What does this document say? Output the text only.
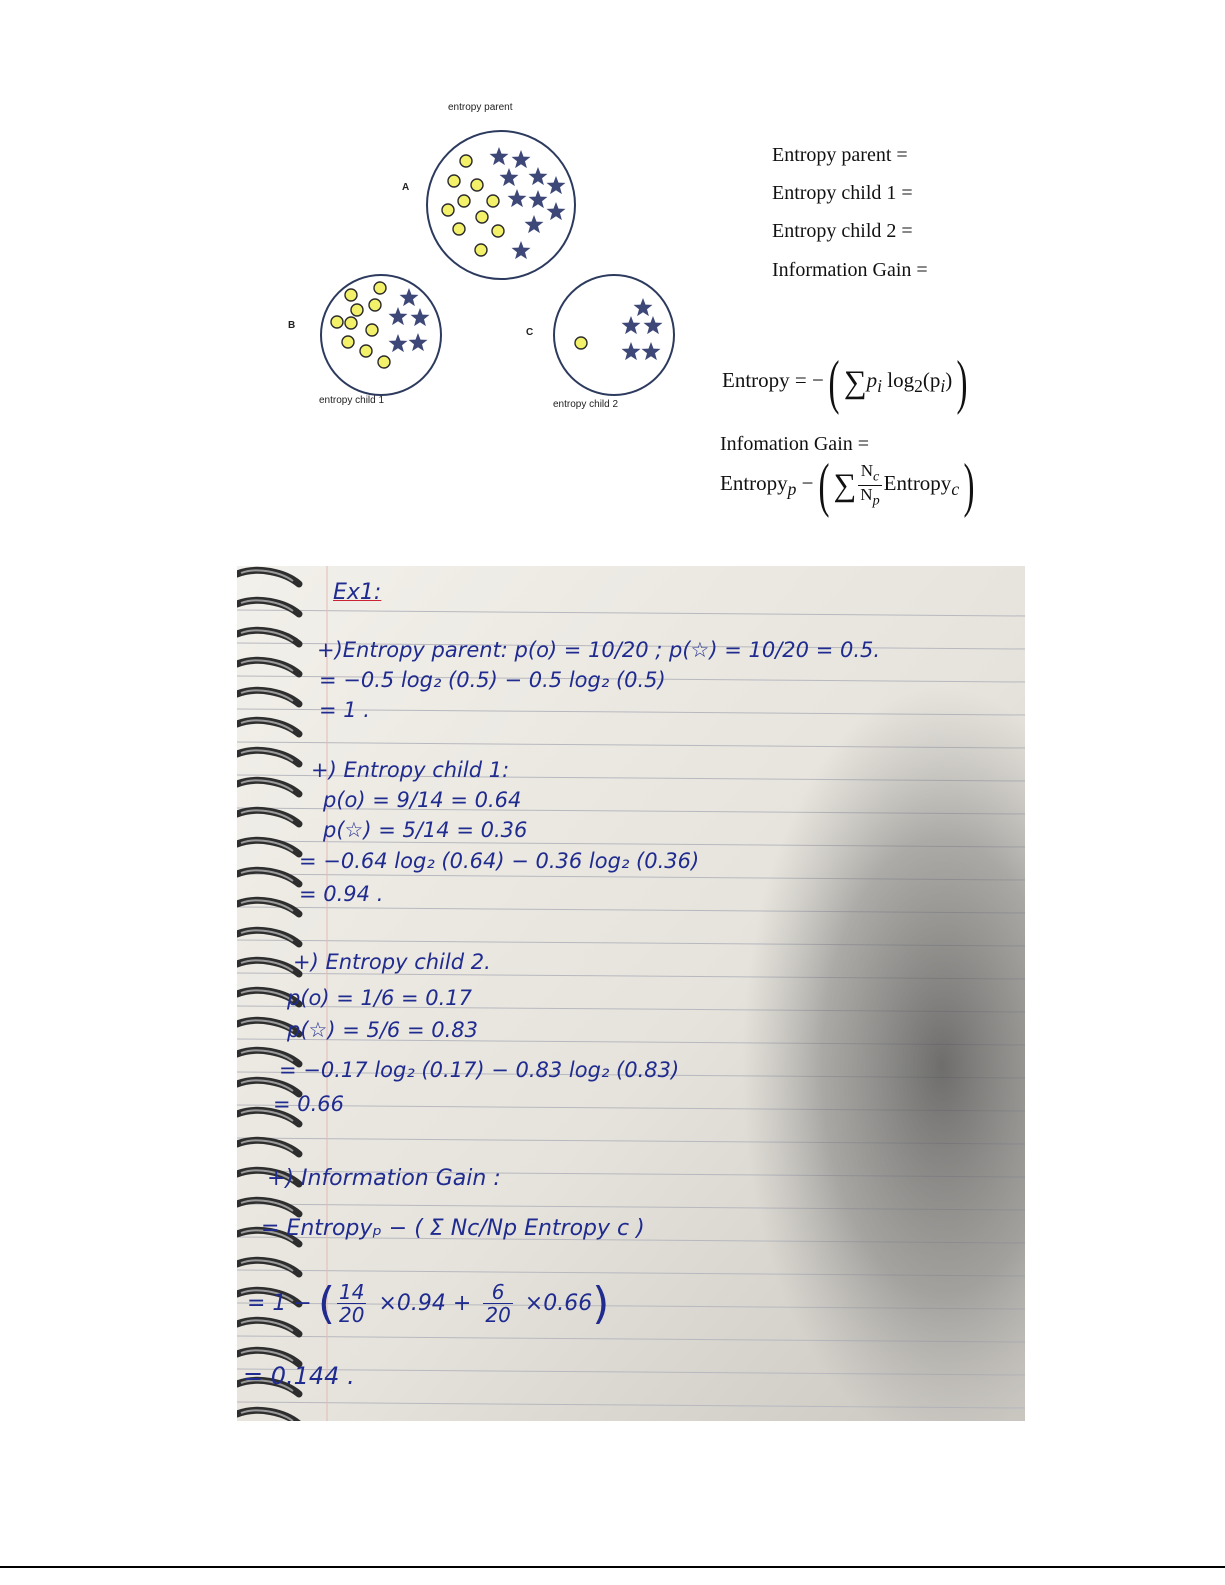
entropy parent
A
B
C
entropy child 1	entropy child 2
Entropy parent =
Entropy child 1 =
Entropy child 2 =
Information Gain =
Entropy = −( $\sum p_i$ $\log_2(p_i)$)
Infomation Gain =
Entropy$_p$ −( ∑ $\frac{N_c}{N_p}$ Entropy$_c$)
Ex1:
+)Entropy parent: p(o) = 10/20 ; p(☆) = 10/20 = 0.5.
= −0.5 log₂ (0.5) − 0.5 log₂ (0.5)
= 1 .
+) Entropy child 1:
p(o) = 9/14 = 0.64
p(☆) = 5/14 = 0.36
= −0.64 log₂ (0.64) − 0.36 log₂ (0.36)
= 0.94 .
+) Entropy child 2.
p(o) = 1/6 = 0.17
p(☆) = 5/6 = 0.83
= −0.17 log₂ (0.17) − 0.83 log₂ (0.83)
= 0.66
+) Information Gain :
= Entropyₚ − ( Σ Nc/Np Entropy c )
= 1 − ( $\frac{14}{20} \times 0.94 + \frac{6}{20} \times 0.66$ )
= 0.144 .
